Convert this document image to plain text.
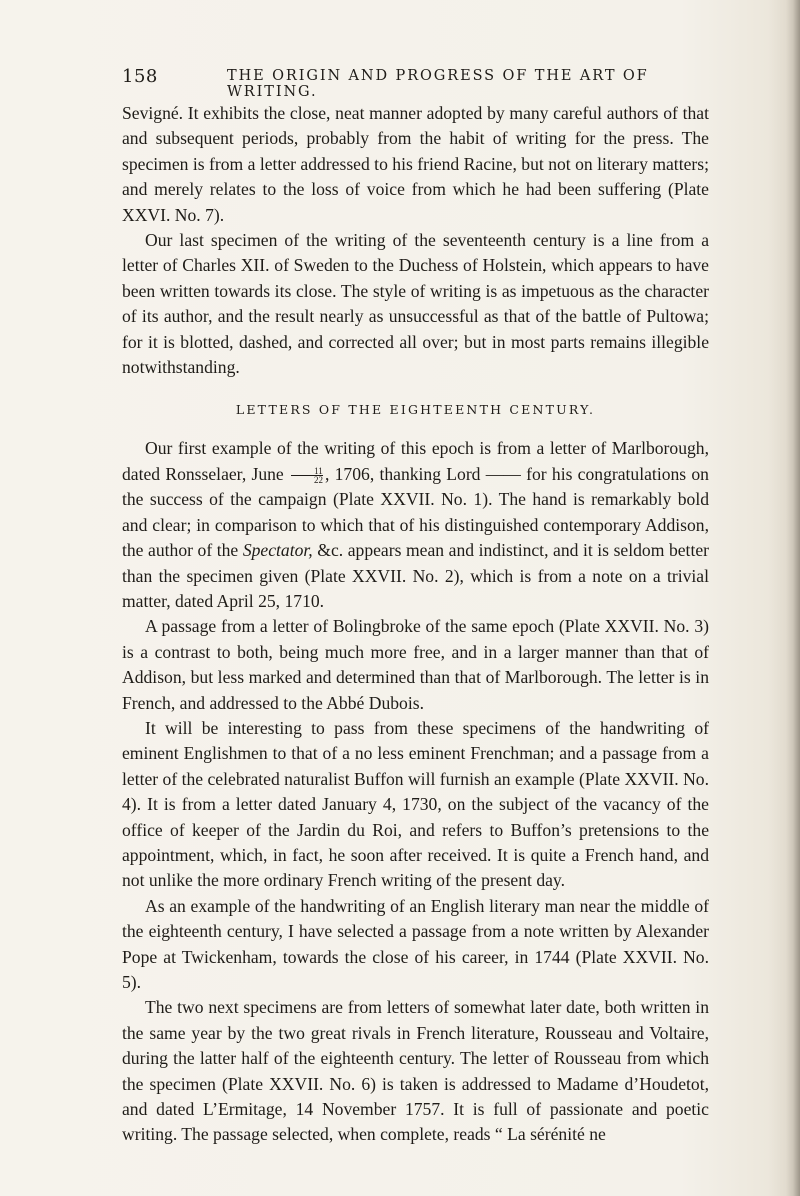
158	THE ORIGIN AND PROGRESS OF THE ART OF WRITING.

Sevigné. It exhibits the close, neat manner adopted by many careful authors of that and subsequent periods, probably from the habit of writing for the press. The specimen is from a letter addressed to his friend Racine, but not on literary matters; and merely relates to the loss of voice from which he had been suffering (Plate XXVI. No. 7).

Our last specimen of the writing of the seventeenth century is a line from a letter of Charles XII. of Sweden to the Duchess of Holstein, which appears to have been written towards its close. The style of writing is as impetuous as the character of its author, and the result nearly as unsuccessful as that of the battle of Pultowa; for it is blotted, dashed, and corrected all over; but in most parts remains illegible notwithstanding.

LETTERS OF THE EIGHTEENTH CENTURY.

Our first example of the writing of this epoch is from a letter of Marlborough, dated Ronsselaer, June $\frac{11}{22}$ , 1706, thanking Lord —— for his congratulations on the success of the campaign (Plate XXVII. No. 1). The hand is remarkably bold and clear; in comparison to which that of his distinguished contemporary Addison, the author of the Spectator, &c. appears mean and indistinct, and it is seldom better than the specimen given (Plate XXVII. No. 2), which is from a note on a trivial matter, dated April 25, 1710.

A passage from a letter of Bolingbroke of the same epoch (Plate XXVII. No. 3) is a contrast to both, being much more free, and in a larger manner than that of Addison, but less marked and determined than that of Marlborough. The letter is in French, and addressed to the Abbé Dubois.

It will be interesting to pass from these specimens of the handwriting of eminent Englishmen to that of a no less eminent Frenchman; and a passage from a letter of the celebrated naturalist Buffon will furnish an example (Plate XXVII. No. 4). It is from a letter dated January 4, 1730, on the subject of the vacancy of the office of keeper of the Jardin du Roi, and refers to Buffon’s pretensions to the appointment, which, in fact, he soon after received. It is quite a French hand, and not unlike the more ordinary French writing of the present day.

As an example of the handwriting of an English literary man near the middle of the eighteenth century, I have selected a passage from a note written by Alexander Pope at Twickenham, towards the close of his career, in 1744 (Plate XXVII. No. 5).

The two next specimens are from letters of somewhat later date, both written in the same year by the two great rivals in French literature, Rousseau and Voltaire, during the latter half of the eighteenth century. The letter of Rousseau from which the specimen (Plate XXVII. No. 6) is taken is addressed to Madame d’Houdetot, and dated L’Ermitage, 14 November 1757. It is full of passionate and poetic writing. The passage selected, when complete, reads “ La sérénité ne
